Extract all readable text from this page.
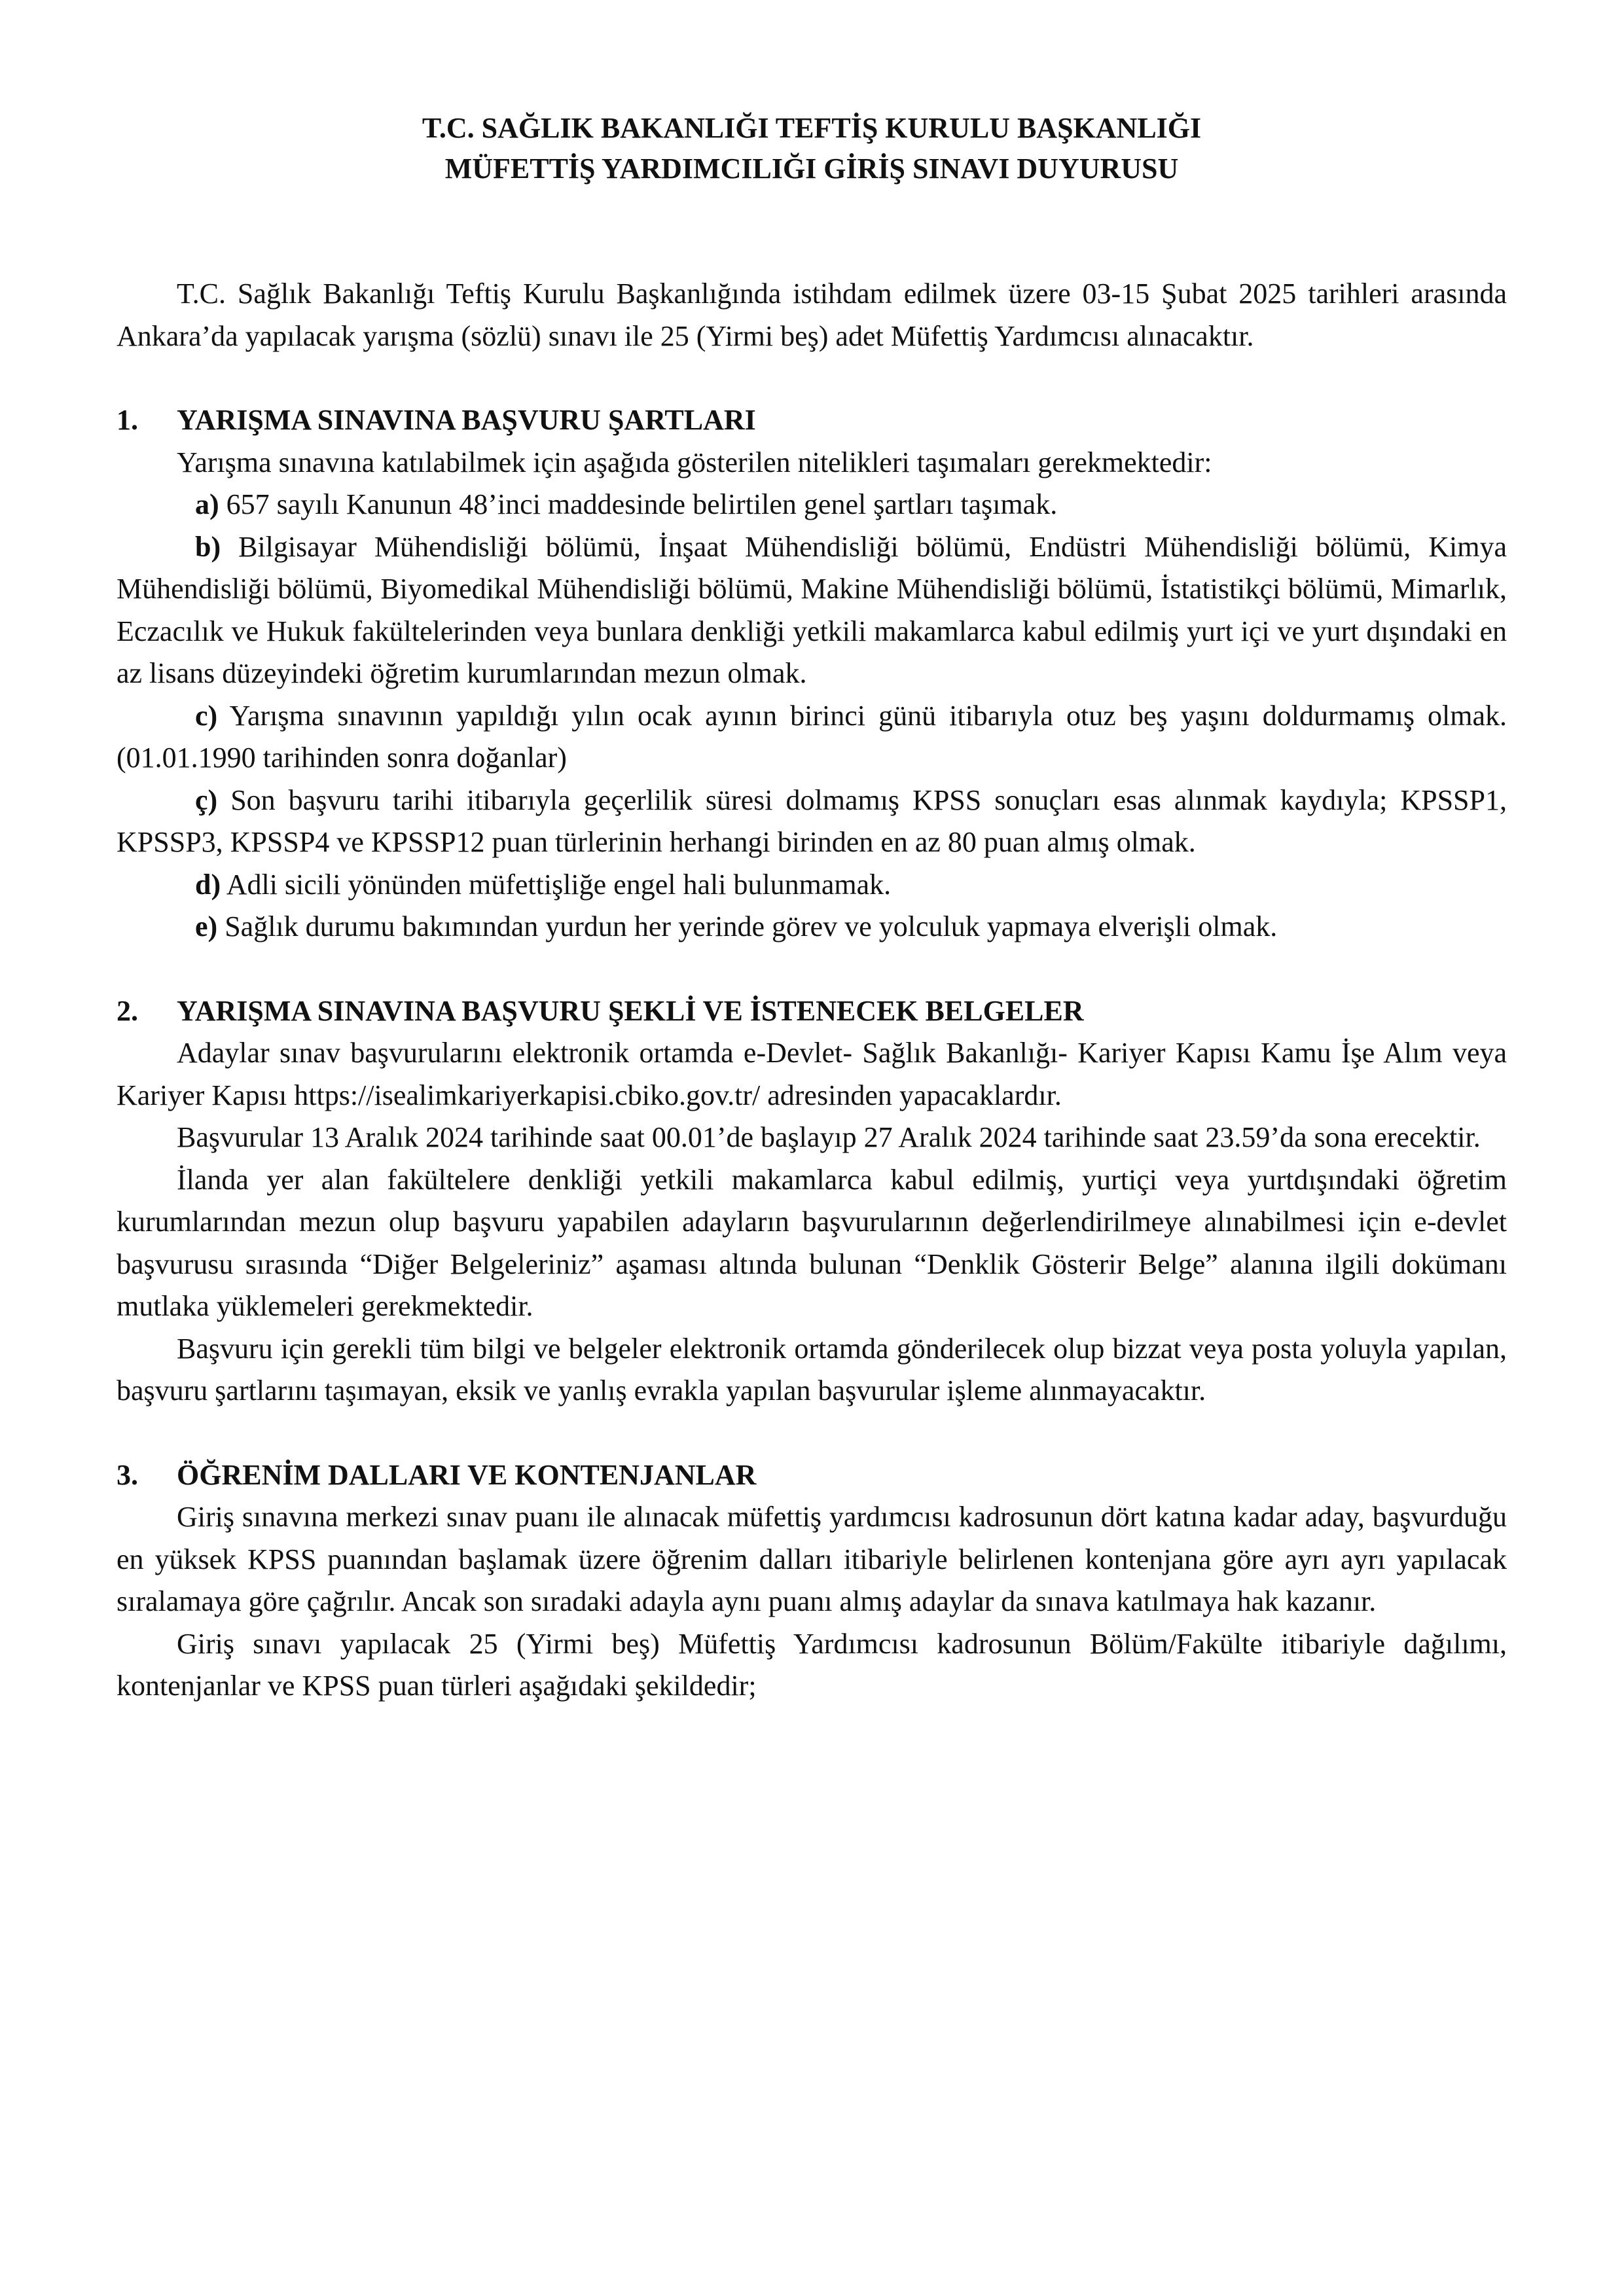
T.C. SAĞLIK BAKANLIĞI TEFTİŞ KURULU BAŞKANLIĞI
MÜFETTİŞ YARDIMCILIĞI GİRİŞ SINAVI DUYURUSU

T.C. Sağlık Bakanlığı Teftiş Kurulu Başkanlığında istihdam edilmek üzere 03-15 Şubat 2025 tarihleri arasında Ankara’da yapılacak yarışma (sözlü) sınavı ile 25 (Yirmi beş) adet Müfettiş Yardımcısı alınacaktır.

1.	YARIŞMA SINAVINA BAŞVURU ŞARTLARI

Yarışma sınavına katılabilmek için aşağıda gösterilen nitelikleri taşımaları gerekmektedir:

a) 657 sayılı Kanunun 48’inci maddesinde belirtilen genel şartları taşımak.

b) Bilgisayar Mühendisliği bölümü, İnşaat Mühendisliği bölümü, Endüstri Mühendisliği bölümü, Kimya Mühendisliği bölümü, Biyomedikal Mühendisliği bölümü, Makine Mühendisliği bölümü, İstatistikçi bölümü, Mimarlık, Eczacılık ve Hukuk fakültelerinden veya bunlara denkliği yetkili makamlarca kabul edilmiş yurt içi ve yurt dışındaki en az lisans düzeyindeki öğretim kurumlarından mezun olmak.

c) Yarışma sınavının yapıldığı yılın ocak ayının birinci günü itibarıyla otuz beş yaşını doldurmamış olmak. (01.01.1990 tarihinden sonra doğanlar)

ç) Son başvuru tarihi itibarıyla geçerlilik süresi dolmamış KPSS sonuçları esas alınmak kaydıyla; KPSSP1, KPSSP3, KPSSP4 ve KPSSP12 puan türlerinin herhangi birinden en az 80 puan almış olmak.

d) Adli sicili yönünden müfettişliğe engel hali bulunmamak.

e) Sağlık durumu bakımından yurdun her yerinde görev ve yolculuk yapmaya elverişli olmak.

2.	YARIŞMA SINAVINA BAŞVURU ŞEKLİ VE İSTENECEK BELGELER

Adaylar sınav başvurularını elektronik ortamda e-Devlet- Sağlık Bakanlığı- Kariyer Kapısı Kamu İşe Alım veya Kariyer Kapısı https://isealimkariyerkapisi.cbiko.gov.tr/ adresinden yapacaklardır.

Başvurular 13 Aralık 2024 tarihinde saat 00.01’de başlayıp 27 Aralık 2024 tarihinde saat 23.59’da sona erecektir.

İlanda yer alan fakültelere denkliği yetkili makamlarca kabul edilmiş, yurtiçi veya yurtdışındaki öğretim kurumlarından mezun olup başvuru yapabilen adayların başvurularının değerlendirilmeye alınabilmesi için e-devlet başvurusu sırasında “Diğer Belgeleriniz” aşaması altında bulunan “Denklik Gösterir Belge” alanına ilgili dokümanı mutlaka yüklemeleri gerekmektedir.

Başvuru için gerekli tüm bilgi ve belgeler elektronik ortamda gönderilecek olup bizzat veya posta yoluyla yapılan, başvuru şartlarını taşımayan, eksik ve yanlış evrakla yapılan başvurular işleme alınmayacaktır.

3.	ÖĞRENİM DALLARI VE KONTENJANLAR

Giriş sınavına merkezi sınav puanı ile alınacak müfettiş yardımcısı kadrosunun dört katına kadar aday, başvurduğu en yüksek KPSS puanından başlamak üzere öğrenim dalları itibariyle belirlenen kontenjana göre ayrı ayrı yapılacak sıralamaya göre çağrılır. Ancak son sıradaki adayla aynı puanı almış adaylar da sınava katılmaya hak kazanır.

Giriş sınavı yapılacak 25 (Yirmi beş) Müfettiş Yardımcısı kadrosunun Bölüm/Fakülte itibariyle dağılımı, kontenjanlar ve KPSS puan türleri aşağıdaki şekildedir;
